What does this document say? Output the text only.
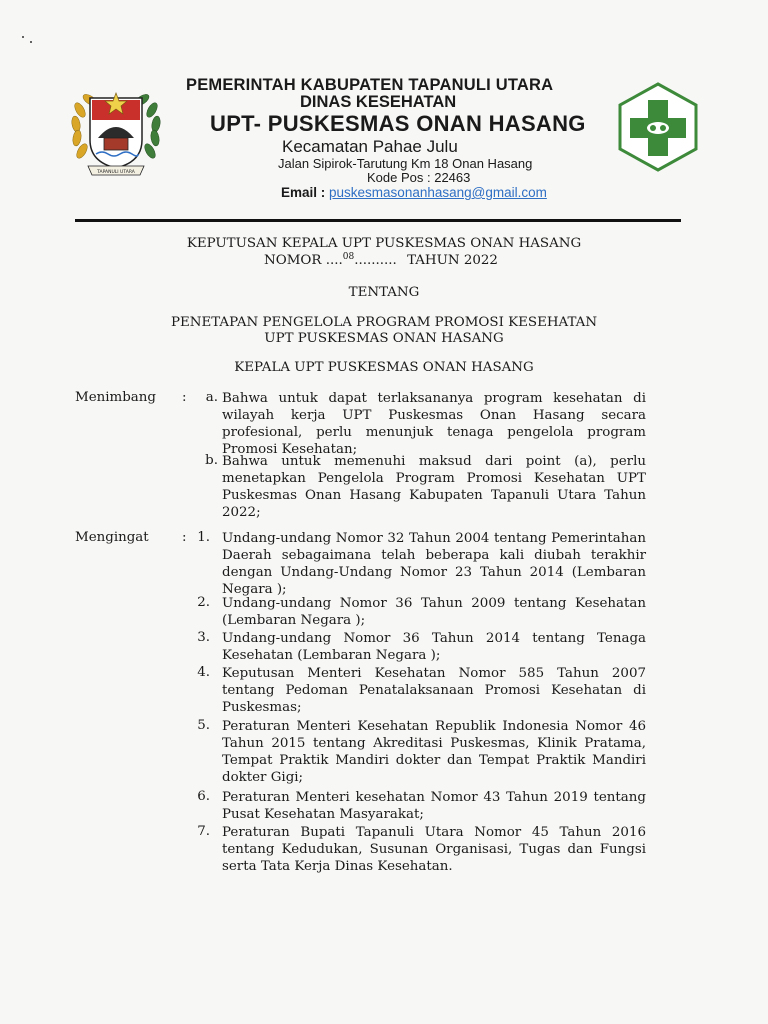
TAPANULI UTARA
PEMERINTAH KABUPATEN TAPANULI UTARA
DINAS KESEHATAN
UPT- PUSKESMAS ONAN HASANG
Kecamatan Pahae Julu
Jalan Sipirok-Tarutung Km 18 Onan Hasang
Kode Pos : 22463
Email : puskesmasonanhasang@gmail.com
KEPUTUSAN KEPALA UPT PUSKESMAS ONAN HASANG
NOMOR ....$^{08}$.......... TAHUN 2022
TENTANG
PENETAPAN PENGELOLA PROGRAM PROMOSI KESEHATAN
UPT PUSKESMAS ONAN HASANG
KEPALA UPT PUSKESMAS ONAN HASANG
Menimbang :	a. Bahwa untuk dapat terlaksananya program kesehatan di wilayah kerja UPT Puskesmas Onan Hasang secara profesional, perlu menunjuk tenaga pengelola program Promosi Kesehatan;
b. Bahwa untuk memenuhi maksud dari point (a), perlu menetapkan Pengelola Program Promosi Kesehatan UPT Puskesmas Onan Hasang Kabupaten Tapanuli Utara Tahun 2022;
Mengingat : 1. Undang-undang Nomor 32 Tahun 2004 tentang Pemerintahan Daerah sebagaimana telah beberapa kali diubah terakhir dengan Undang-Undang Nomor 23 Tahun 2014 (Lembaran Negara );
2. Undang-undang Nomor 36 Tahun 2009 tentang Kesehatan (Lembaran Negara );
3. Undang-undang Nomor 36 Tahun 2014 tentang Tenaga Kesehatan (Lembaran Negara );
4. Keputusan Menteri Kesehatan Nomor 585 Tahun 2007 tentang Pedoman Penatalaksanaan Promosi Kesehatan di Puskesmas;
5. Peraturan Menteri Kesehatan Republik Indonesia Nomor 46 Tahun 2015 tentang Akreditasi Puskesmas, Klinik Pratama, Tempat Praktik Mandiri dokter dan Tempat Praktik Mandiri dokter Gigi;
6. Peraturan Menteri kesehatan Nomor 43 Tahun 2019 tentang Pusat Kesehatan Masyarakat;
7. Peraturan Bupati Tapanuli Utara Nomor 45 Tahun 2016 tentang Kedudukan, Susunan Organisasi, Tugas dan Fungsi serta Tata Kerja Dinas Kesehatan.
